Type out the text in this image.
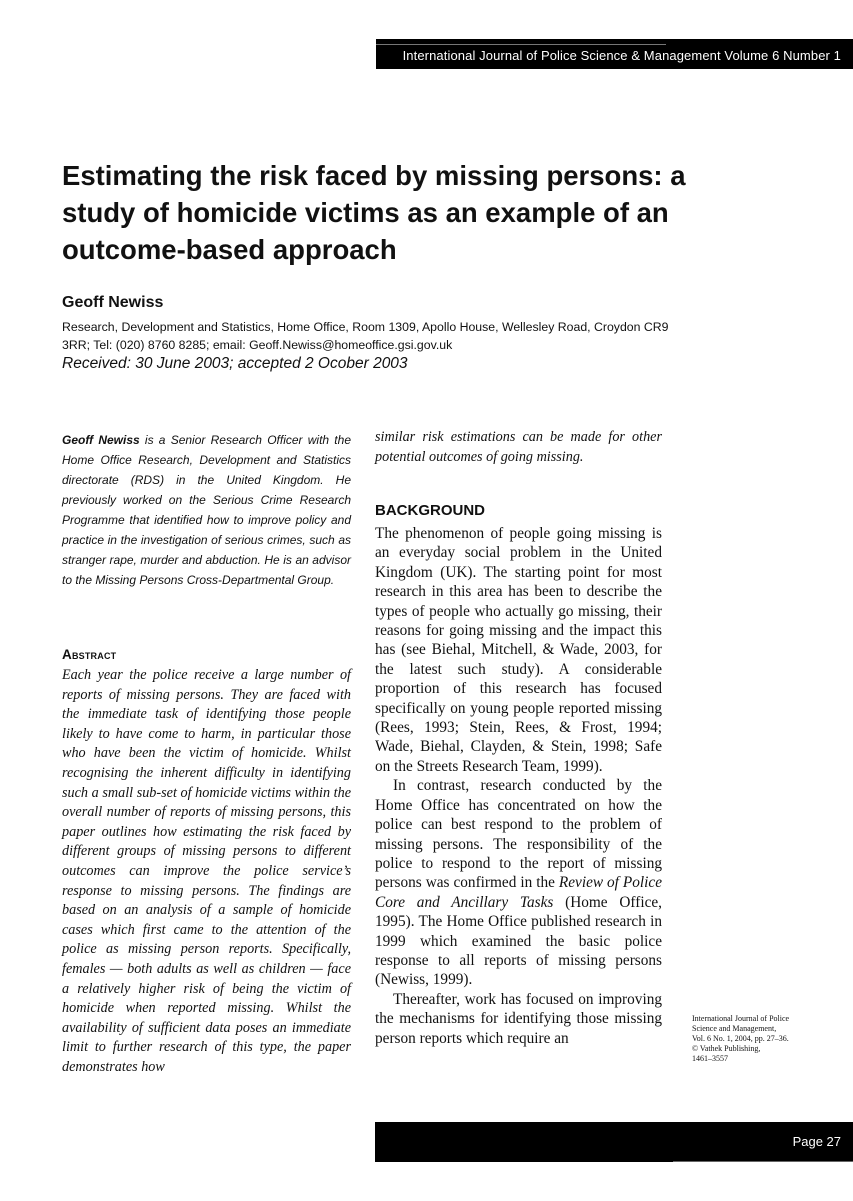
International Journal of Police Science & Management Volume 6 Number 1
Estimating the risk faced by missing persons: a study of homicide victims as an example of an outcome-based approach
Geoff Newiss
Research, Development and Statistics, Home Office, Room 1309, Apollo House, Wellesley Road, Croydon CR9 3RR; Tel: (020) 8760 8285; email: Geoff.Newiss@homeoffice.gsi.gov.uk
Received: 30 June 2003; accepted 2 Ocober 2003
Geoff Newiss is a Senior Research Officer with the Home Office Research, Development and Statistics directorate (RDS) in the United Kingdom. He previously worked on the Serious Crime Research Programme that identified how to improve policy and practice in the investigation of serious crimes, such as stranger rape, murder and abduction. He is an advisor to the Missing Persons Cross-Departmental Group.
Abstract
Each year the police receive a large number of reports of missing persons. They are faced with the immediate task of identifying those people likely to have come to harm, in particular those who have been the victim of homicide. Whilst recognising the inherent difficulty in identifying such a small sub-set of homicide victims within the overall number of reports of missing persons, this paper outlines how estimating the risk faced by different groups of missing persons to different outcomes can improve the police service’s response to missing persons. The findings are based on an analysis of a sample of homicide cases which first came to the attention of the police as missing person reports. Specifically, females — both adults as well as children — face a relatively higher risk of being the victim of homicide when reported missing. Whilst the availability of sufficient data poses an immediate limit to further research of this type, the paper demonstrates how
similar risk estimations can be made for other potential outcomes of going missing.
BACKGROUND

The phenomenon of people going missing is an everyday social problem in the United Kingdom (UK). The starting point for most research in this area has been to describe the types of people who actually go missing, their reasons for going missing and the impact this has (see Biehal, Mitchell, & Wade, 2003, for the latest such study). A considerable proportion of this research has focused specifically on young people reported missing (Rees, 1993; Stein, Rees, & Frost, 1994; Wade, Biehal, Clayden, & Stein, 1998; Safe on the Streets Research Team, 1999).

In contrast, research conducted by the Home Office has concentrated on how the police can best respond to the problem of missing persons. The responsibility of the police to respond to the report of missing persons was confirmed in the Review of Police Core and Ancillary Tasks (Home Office, 1995). The Home Office published research in 1999 which examined the basic police response to all reports of missing persons (Newiss, 1999).

Thereafter, work has focused on improving the mechanisms for identifying those missing person reports which require an

International Journal of Police
Science and Management,
Vol. 6 No. 1, 2004, pp. 27–36.
© Vathek Publishing,
1461–3557
Page 27
